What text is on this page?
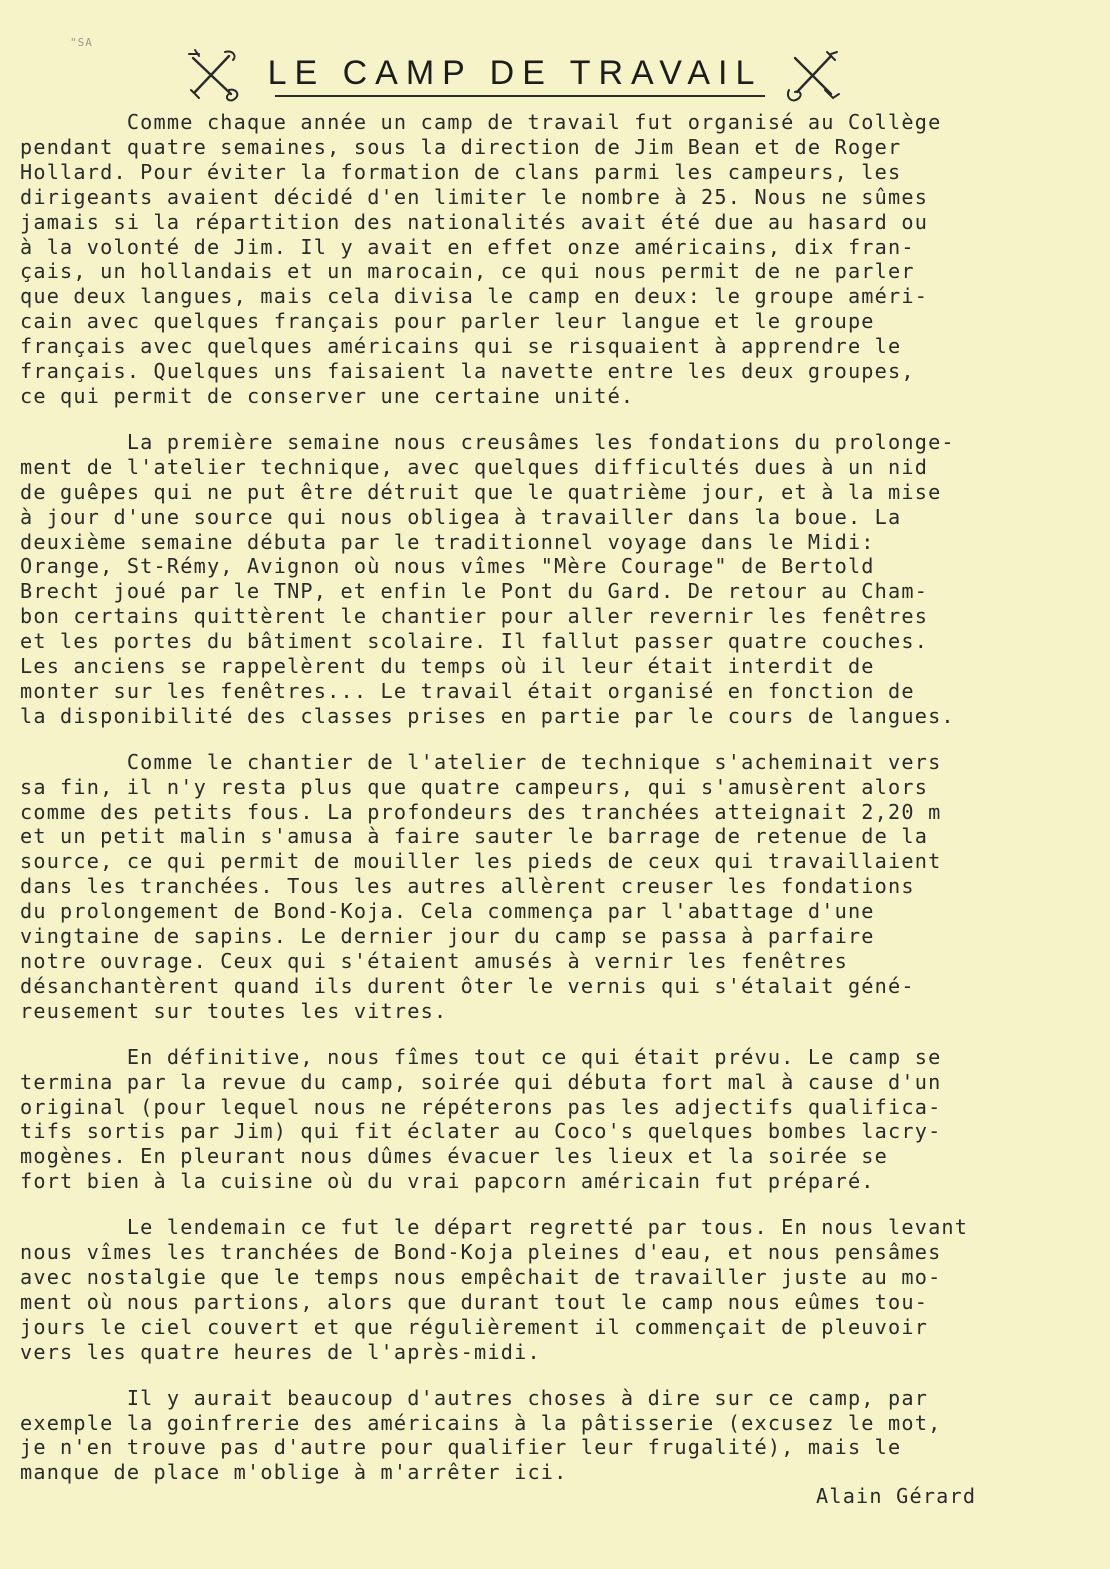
"SA
LE CAMP DE TRAVAIL

Comme chaque année un camp de travail fut organisé au Collège
pendant quatre semaines, sous la direction de Jim Bean et de Roger
Hollard. Pour éviter la formation de clans parmi les campeurs, les
dirigeants avaient décidé d'en limiter le nombre à 25. Nous ne sûmes
jamais si la répartition des nationalités avait été due au hasard ou
à la volonté de Jim. Il y avait en effet onze américains, dix fran-
çais, un hollandais et un marocain, ce qui nous permit de ne parler
que deux langues, mais cela divisa le camp en deux: le groupe améri-
cain avec quelques français pour parler leur langue et le groupe
français avec quelques américains qui se risquaient à apprendre le
français. Quelques uns faisaient la navette entre les deux groupes,
ce qui permit de conserver une certaine unité.

La première semaine nous creusâmes les fondations du prolonge-
ment de l'atelier technique, avec quelques difficultés dues à un nid
de guêpes qui ne put être détruit que le quatrième jour, et à la mise
à jour d'une source qui nous obligea à travailler dans la boue. La
deuxième semaine débuta par le traditionnel voyage dans le Midi:
Orange, St-Rémy, Avignon où nous vîmes "Mère Courage" de Bertold
Brecht joué par le TNP, et enfin le Pont du Gard. De retour au Cham-
bon certains quittèrent le chantier pour aller revernir les fenêtres
et les portes du bâtiment scolaire. Il fallut passer quatre couches.
Les anciens se rappelèrent du temps où il leur était interdit de
monter sur les fenêtres... Le travail était organisé en fonction de
la disponibilité des classes prises en partie par le cours de langues.

Comme le chantier de l'atelier de technique s'acheminait vers
sa fin, il n'y resta plus que quatre campeurs, qui s'amusèrent alors
comme des petits fous. La profondeurs des tranchées atteignait 2,20 m
et un petit malin s'amusa à faire sauter le barrage de retenue de la
source, ce qui permit de mouiller les pieds de ceux qui travaillaient
dans les tranchées. Tous les autres allèrent creuser les fondations
du prolongement de Bond-Koja. Cela commença par l'abattage d'une
vingtaine de sapins. Le dernier jour du camp se passa à parfaire
notre ouvrage. Ceux qui s'étaient amusés à vernir les fenêtres
désanchantèrent quand ils durent ôter le vernis qui s'étalait géné-
reusement sur toutes les vitres.

En définitive, nous fîmes tout ce qui était prévu. Le camp se
termina par la revue du camp, soirée qui débuta fort mal à cause d'un
original (pour lequel nous ne répéterons pas les adjectifs qualifica-
tifs sortis par Jim) qui fit éclater au Coco's quelques bombes lacry-
mogènes. En pleurant nous dûmes évacuer les lieux et la soirée se
fort bien à la cuisine où du vrai papcorn américain fut préparé.

Le lendemain ce fut le départ regretté par tous. En nous levant
nous vîmes les tranchées de Bond-Koja pleines d'eau, et nous pensâmes
avec nostalgie que le temps nous empêchait de travailler juste au mo-
ment où nous partions, alors que durant tout le camp nous eûmes tou-
jours le ciel couvert et que régulièrement il commençait de pleuvoir
vers les quatre heures de l'après-midi.

Il y aurait beaucoup d'autres choses à dire sur ce camp, par
exemple la goinfrerie des américains à la pâtisserie (excusez le mot,
je n'en trouve pas d'autre pour qualifier leur frugalité), mais le
manque de place m'oblige à m'arrêter ici.

Alain Gérard
